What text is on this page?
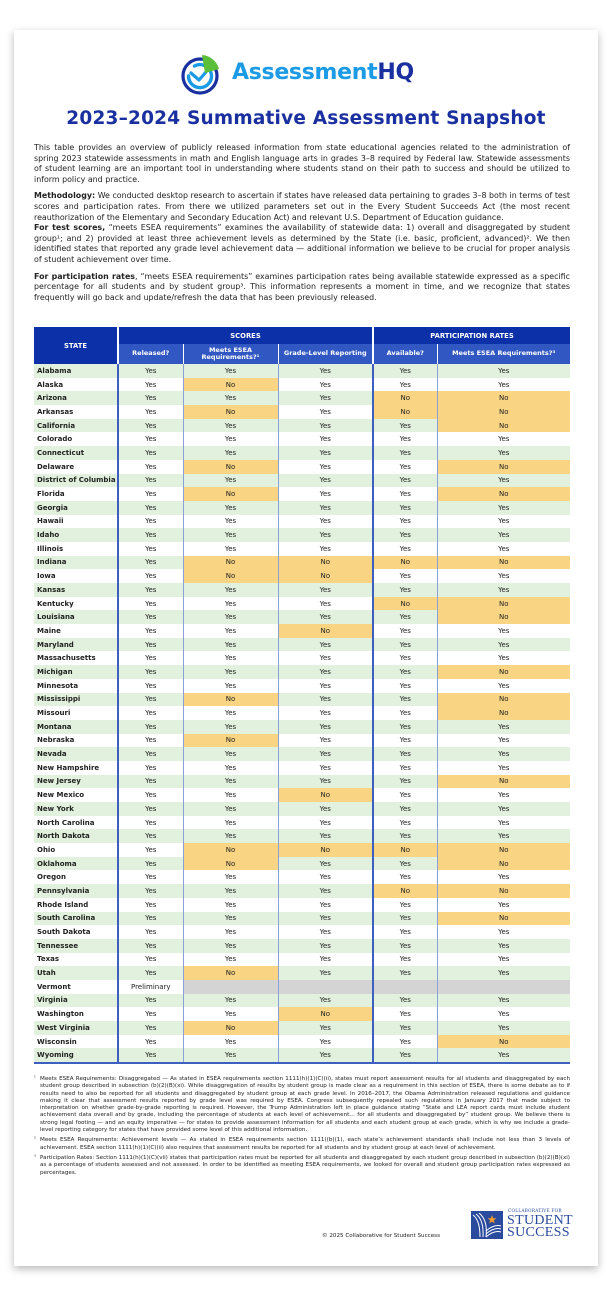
AssessmentHQ
2023–2024 Summative Assessment Snapshot

This table provides an overview of publicly released information from state educational agencies related to the administration of spring 2023 statewide assessments in math and English language arts in grades 3–8 required by Federal law. Statewide assessments of student learning are an important tool in understanding where students stand on their path to success and should be utilized to inform policy and practice.

Methodology: We conducted desktop research to ascertain if states have released data pertaining to grades 3–8 both in terms of test scores and participation rates. From there we utilized parameters set out in the Every Student Succeeds Act (the most recent reauthorization of the Elementary and Secondary Education Act) and relevant U.S. Department of Education guidance.

For test scores, “meets ESEA requirements” examines the availability of statewide data: 1) overall and disaggregated by student group¹; and 2) provided at least three achievement levels as determined by the State (i.e. basic, proficient, advanced)². We then identified states that reported any grade level achievement data — additional information we believe to be crucial for proper analysis of student achievement over time.

For participation rates, “meets ESEA requirements” examines participation rates being available statewide expressed as a specific percentage for all students and by student group³. This information represents a moment in time, and we recognize that states frequently will go back and update/refresh the data that has been previously released.

STATE	SCORES			PARTICIPATION RATES	
	Released?	Meets ESEA Requirements?¹	Grade-Level Reporting	Available?	Meets ESEA Requirements?³
Alabama	Yes	Yes	Yes	Yes	Yes
Alaska	Yes	No	Yes	Yes	Yes
Arizona	Yes	Yes	Yes	No	No
Arkansas	Yes	No	Yes	No	No
California	Yes	Yes	Yes	Yes	No
Colorado	Yes	Yes	Yes	Yes	Yes
Connecticut	Yes	Yes	Yes	Yes	Yes
Delaware	Yes	No	Yes	Yes	No
District of Columbia	Yes	Yes	Yes	Yes	Yes
Florida	Yes	No	Yes	Yes	No
Georgia	Yes	Yes	Yes	Yes	Yes
Hawaii	Yes	Yes	Yes	Yes	Yes
Idaho	Yes	Yes	Yes	Yes	Yes
Illinois	Yes	Yes	Yes	Yes	Yes
Indiana	Yes	No	No	No	No
Iowa	Yes	No	No	Yes	Yes
Kansas	Yes	Yes	Yes	Yes	Yes
Kentucky	Yes	Yes	Yes	No	No
Louisiana	Yes	Yes	Yes	Yes	No
Maine	Yes	Yes	No	Yes	Yes
Maryland	Yes	Yes	Yes	Yes	Yes
Massachusetts	Yes	Yes	Yes	Yes	Yes
Michigan	Yes	Yes	Yes	Yes	No
Minnesota	Yes	Yes	Yes	Yes	Yes
Mississippi	Yes	No	Yes	Yes	No
Missouri	Yes	Yes	Yes	Yes	No
Montana	Yes	Yes	Yes	Yes	Yes
Nebraska	Yes	No	Yes	Yes	Yes
Nevada	Yes	Yes	Yes	Yes	Yes
New Hampshire	Yes	Yes	Yes	Yes	Yes
New Jersey	Yes	Yes	Yes	Yes	No
New Mexico	Yes	Yes	No	Yes	Yes
New York	Yes	Yes	Yes	Yes	Yes
North Carolina	Yes	Yes	Yes	Yes	Yes
North Dakota	Yes	Yes	Yes	Yes	Yes
Ohio	Yes	No	No	No	No
Oklahoma	Yes	No	Yes	Yes	No
Oregon	Yes	Yes	Yes	Yes	Yes
Pennsylvania	Yes	Yes	Yes	No	No
Rhode Island	Yes	Yes	Yes	Yes	Yes
South Carolina	Yes	Yes	Yes	Yes	No
South Dakota	Yes	Yes	Yes	Yes	Yes
Tennessee	Yes	Yes	Yes	Yes	Yes
Texas	Yes	Yes	Yes	Yes	Yes
Utah	Yes	No	Yes	Yes	Yes
Vermont	Preliminary				
Virginia	Yes	Yes	Yes	Yes	Yes
Washington	Yes	Yes	No	Yes	Yes
West Virginia	Yes	No	Yes	Yes	Yes
Wisconsin	Yes	Yes	Yes	Yes	No
Wyoming	Yes	Yes	Yes	Yes	Yes
¹ Meets ESEA Requirements: Disaggregated — As stated in ESEA requirements section 1111(h)(1)(C)(ii), states must report assessment results for all students and disaggregated by each student group described in subsection (b)(2)(B)(xi). While disaggregation of results by student group is made clear as a requirement in this section of ESEA, there is some debate as to if results need to also be reported for all students and disaggregated by student group at each grade level. In 2016–2017, the Obama Administration released regulations and guidance making it clear that assessment results reported by grade level was required by ESEA. Congress subsequently repealed such regulations in January 2017 that made subject to interpretation on whether grade-by-grade reporting is required. However, the Trump Administration left in place guidance stating “State and LEA report cards must include student achievement data overall and by grade, including the percentage of students at each level of achievement… for all students and disaggregated by” student group. We believe there is strong legal footing — and an equity imperative — for states to provide assessment information for all students and each student group at each grade, which is why we include a grade-level reporting category for states that have provided some level of this additional information.
² Meets ESEA Requirements: Achievement levels — As stated in ESEA requirements section 1111((b)(1), each state’s achievement standards shall include not less than 3 levels of achievement. ESEA section 1111(h)(1)(C)(ii) also requires that assessment results be reported for all students and by student group at each level of achievement.
³ Participation Rates: Section 1111(h)(1)(C)(vii) states that participation rates must be reported for all students and disaggregated by each student group described in subsection (b)(2)(B)(xi) as a percentage of students assessed and not assessed. In order to be identified as meeting ESEA requirements, we looked for overall and student group participation rates expressed as percentages.
© 2025 Collaborative for Student Success
COLLABORATIVE FOR
STUDENT
SUCCESS
